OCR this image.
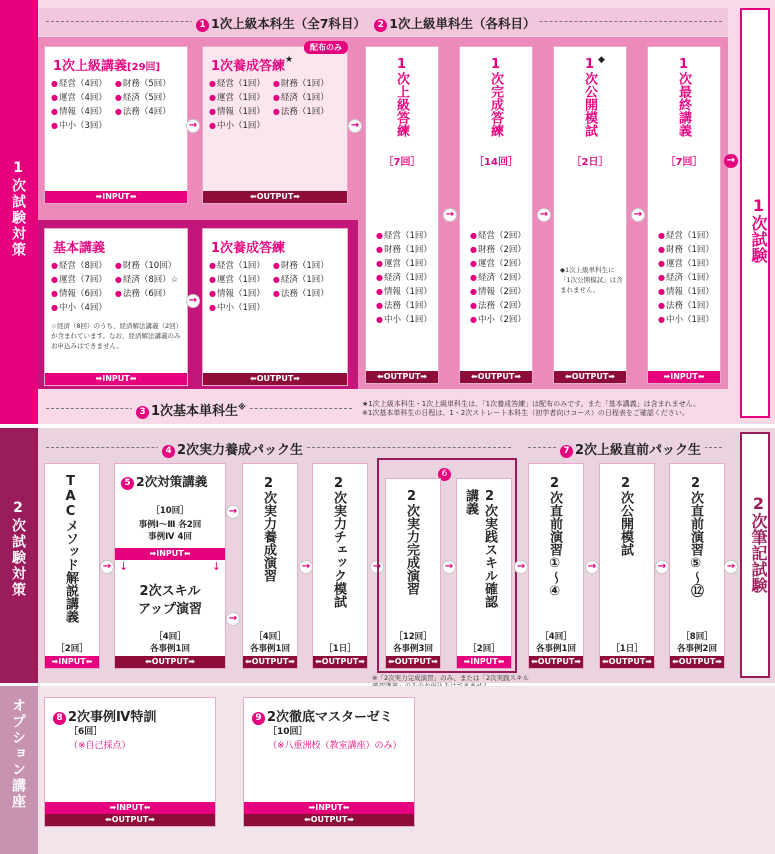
1次試験対策
1 1次上級本科生（全7科目） 2 1次上級単科生（各科目）
1次上級講義[29回]
● 経営（4回）	● 財務（5回）
● 運営（4回）	● 経済（5回）
● 情報（4回）	● 法務（4回）
● 中小（3回）
➡INPUT⬅
→
配布のみ
1次養成答練★
● 経営（1回）	● 財務（1回）
● 運営（1回）	● 経済（1回）
● 情報（1回）	● 法務（1回）
● 中小（1回）
⬅OUTPUT➡
→
基本講義
● 経営（8回）	● 財務（10回）
● 運営（7回）	● 経済（8回）☆
● 情報（6回）	● 法務（6回）
● 中小（4回）
☆経済（8回）のうち、経済解法講義（2回）が含まれています。なお、経済解法講義のみお申込みはできません。
➡INPUT⬅
→
1次養成答練
● 経営（1回）	● 財務（1回）
● 運営（1回）	● 経済（1回）
● 情報（1回）	● 法務（1回）
● 中小（1回）
⬅OUTPUT➡
1次上級答練
［7回］
● 経営（1回）
● 財務（1回）
● 運営（1回）
● 経済（1回）
● 情報（1回）
● 法務（1回）
● 中小（1回）
⬅OUTPUT➡
→
1次完成答練
［14回］
● 経営（2回）
● 財務（2回）
● 運営（2回）
● 経済（2回）
● 情報（2回）
● 法務（2回）
● 中小（2回）
⬅OUTPUT➡
→
◆
1次公開模試
［2日］
◆1次上級単科生に「1次公開模試」は含まれません。
⬅OUTPUT➡
→
1次最終講義
［7回］
● 経営（1回）
● 財務（1回）
● 運営（1回）
● 経済（1回）
● 情報（1回）
● 法務（1回）
● 中小（1回）
➡INPUT⬅
→
1次試験
3 1次基本単科生※	★1次上級本科生・1次上級単科生は、「1次養成答練」は配布のみです。また「基本講義」は含まれません。
※1次基本単科生の日程は、1・2次ストレート本科生（初学者向けコース）の日程表をご確認ください。
2次試験対策
4 2次実力養成パック生	7 2次上級直前パック生
TACメソッド解説講義
［2回］
➡INPUT⬅
→
5 2次対策講義
［10回］
事例Ⅰ～Ⅲ 各2回
事例Ⅳ 4回
➡INPUT⬅
↓	↓
2次スキル
アップ演習
［4回］
各事例1回
⬅OUTPUT➡
→
→
2次実力養成演習
［4回］
各事例1回
⬅OUTPUT➡
→ 2次実力チェック模試
［1日］
⬅OUTPUT➡
→
6
2次実力完成演習
［12回］
各事例3回
⬅OUTPUT➡
→	2次実践スキル確認講義
［2回］
➡INPUT⬅
→
※「2次実力完成演習」のみ、または「2次実践スキル
2次直前演習①〜④
［4回］
各事例1回
⬅OUTPUT➡
→
2次公開模試
［1日］
⬅OUTPUT➡
→ 2次直前演習⑤〜⑫
［8回］
各事例2回
⬅OUTPUT➡
→ 2次筆記試験
オプション講座	8 2次事例Ⅳ特訓
［6回］
（※自己採点）
➡INPUT⬅
⬅OUTPUT➡
9 2次徹底マスターゼミ
［10回］
（※八重洲校（教室講座）のみ）
➡INPUT⬅
⬅OUTPUT➡
